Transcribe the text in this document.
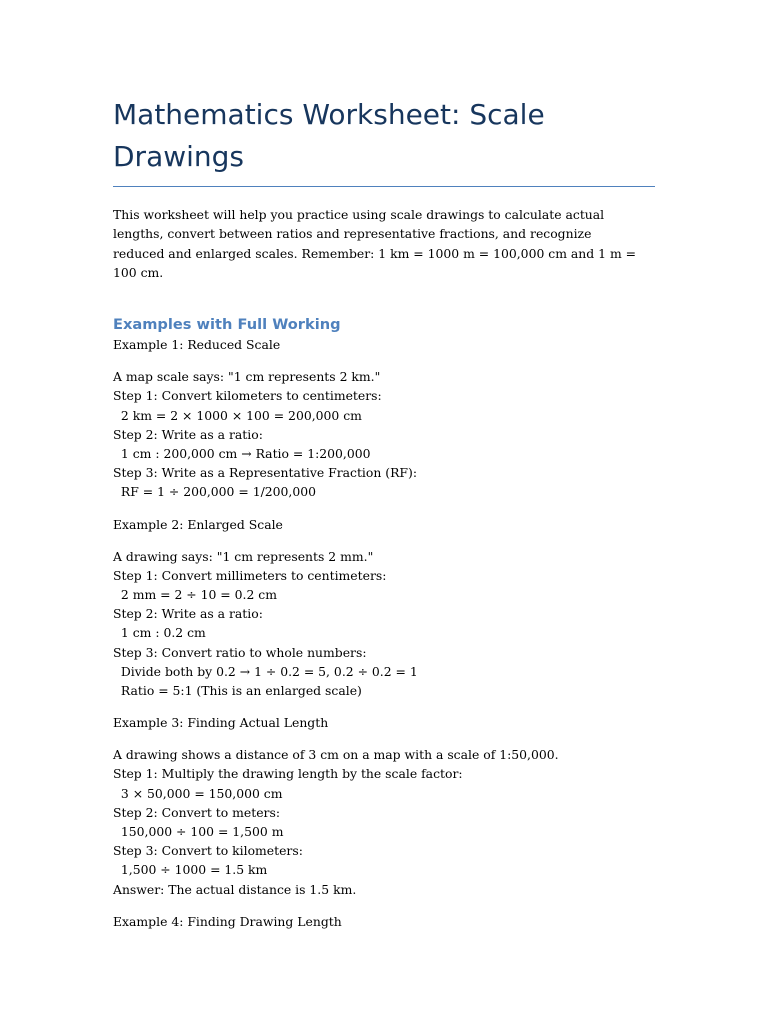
Mathematics Worksheet: Scale Drawings

This worksheet will help you practice using scale drawings to calculate actual lengths, convert between ratios and representative fractions, and recognize reduced and enlarged scales. Remember: 1 km = 1000 m = 100,000 cm and 1 m = 100 cm.

Examples with Full Working

Example 1: Reduced Scale

A map scale says: "1 cm represents 2 km."

Step 1: Convert kilometers to centimeters:

2 km = 2 × 1000 × 100 = 200,000 cm

Step 2: Write as a ratio:

1 cm : 200,000 cm → Ratio = 1:200,000

Step 3: Write as a Representative Fraction (RF):

RF = 1 ÷ 200,000 = 1/200,000

Example 2: Enlarged Scale

A drawing says: "1 cm represents 2 mm."

Step 1: Convert millimeters to centimeters:

2 mm = 2 ÷ 10 = 0.2 cm

Step 2: Write as a ratio:

1 cm : 0.2 cm

Step 3: Convert ratio to whole numbers:

Divide both by 0.2 → 1 ÷ 0.2 = 5, 0.2 ÷ 0.2 = 1

Ratio = 5:1 (This is an enlarged scale)

Example 3: Finding Actual Length

A drawing shows a distance of 3 cm on a map with a scale of 1:50,000.

Step 1: Multiply the drawing length by the scale factor:

3 × 50,000 = 150,000 cm

Step 2: Convert to meters:

150,000 ÷ 100 = 1,500 m

Step 3: Convert to kilometers:

1,500 ÷ 1000 = 1.5 km

Answer: The actual distance is 1.5 km.

Example 4: Finding Drawing Length
